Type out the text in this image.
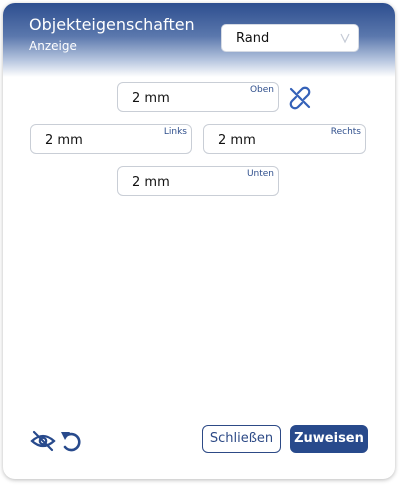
Objekteigenschaften
Anzeige	Rand
2 mm
Oben
2 mm
Links
2 mm
Rechts
2 mm
Unten
Schließen	Zuweisen
